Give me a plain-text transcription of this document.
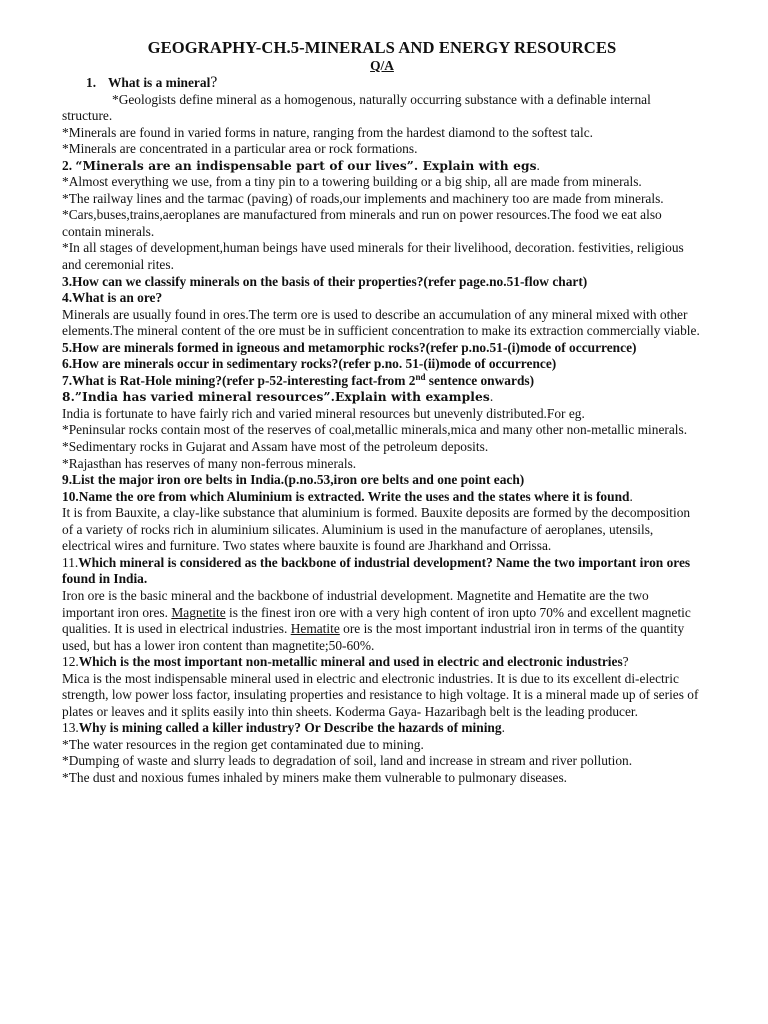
GEOGRAPHY-CH.5-MINERALS AND ENERGY RESOURCES
Q/A

1. What is a mineral?

*Geologists define mineral as a homogenous, naturally occurring substance with a definable internal structure.

*Minerals are found in varied forms in nature, ranging from the hardest diamond to the softest talc.

*Minerals are concentrated in a particular area or rock formations.

2. “Minerals are an indispensable part of our lives”. Explain with egs.

*Almost everything we use, from a tiny pin to a towering building or a big ship, all are made from minerals.

*The railway lines and the tarmac (paving) of roads,our implements and machinery too are made from minerals.

*Cars,buses,trains,aeroplanes are manufactured from minerals and run on power resources.The food we eat also contain minerals.

*In all stages of development,human beings have used minerals for their livelihood, decoration. festivities, religious and ceremonial rites.

3.How can we classify minerals on the basis of their properties?(refer page.no.51-flow chart)

4.What is an ore?

Minerals are usually found in ores.The term ore is used to describe an accumulation of any mineral mixed with other elements.The mineral content of the ore must be in sufficient concentration to make its extraction commercially viable.

5.How are minerals formed in igneous and metamorphic rocks?(refer p.no.51-(i)mode of occurrence)

6.How are minerals occur in sedimentary rocks?(refer p.no. 51-(ii)mode of occurrence)

7.What is Rat-Hole mining?(refer p-52-interesting fact-from 2nd sentence onwards)

8.”India has varied mineral resources”.Explain with examples.

India is fortunate to have fairly rich and varied mineral resources but unevenly distributed.For eg.

*Peninsular rocks contain most of the reserves of coal,metallic minerals,mica and many other non-metallic minerals.

*Sedimentary rocks in Gujarat and Assam have most of the petroleum deposits.

*Rajasthan has reserves of many non-ferrous minerals.

9.List the major iron ore belts in India.(p.no.53,iron ore belts and one point each)

10.Name the ore from which Aluminium is extracted. Write the uses and the states where it is found.

It is from Bauxite, a clay-like substance that aluminium is formed. Bauxite deposits are formed by the decomposition of a variety of rocks rich in aluminium silicates. Aluminium is used in the manufacture of aeroplanes, utensils, electrical wires and furniture. Two states where bauxite is found are Jharkhand and Orrissa.

11.Which mineral is considered as the backbone of industrial development? Name the two important iron ores found in India.

Iron ore is the basic mineral and the backbone of industrial development. Magnetite and Hematite are the two important iron ores. Magnetite is the finest iron ore with a very high content of iron upto 70% and excellent magnetic qualities. It is used in electrical industries. Hematite ore is the most important industrial iron in terms of the quantity used, but has a lower iron content than magnetite;50-60%.

12.Which is the most important non-metallic mineral and used in electric and electronic industries?

Mica is the most indispensable mineral used in electric and electronic industries. It is due to its excellent di-electric strength, low power loss factor, insulating properties and resistance to high voltage. It is a mineral made up of series of plates or leaves and it splits easily into thin sheets. Koderma Gaya- Hazaribagh belt is the leading producer.

13.Why is mining called a killer industry? Or Describe the hazards of mining.

*The water resources in the region get contaminated due to mining.

*Dumping of waste and slurry leads to degradation of soil, land and increase in stream and river pollution.

*The dust and noxious fumes inhaled by miners make them vulnerable to pulmonary diseases.
